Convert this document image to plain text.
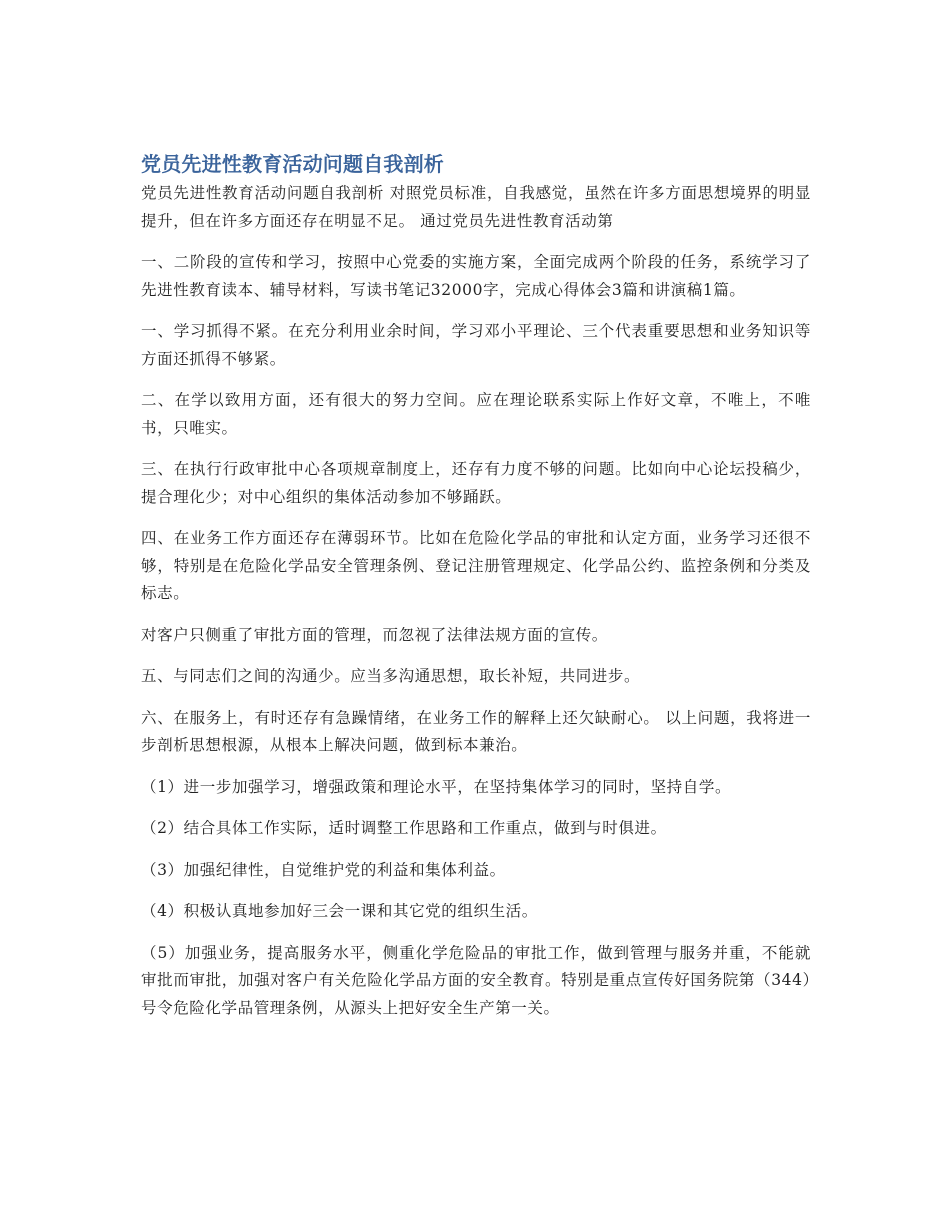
党员先进性教育活动问题自我剖析

党员先进性教育活动问题自我剖析 对照党员标准，自我感觉，虽然在许多方面思想境界的明显提升，但在许多方面还存在明显不足。 通过党员先进性教育活动第

一、二阶段的宣传和学习，按照中心党委的实施方案，全面完成两个阶段的任务，系统学习了先进性教育读本、辅导材料，写读书笔记32000字，完成心得体会3篇和讲演稿1篇。

一、学习抓得不紧。在充分利用业余时间，学习邓小平理论、三个代表重要思想和业务知识等方面还抓得不够紧。

二、在学以致用方面，还有很大的努力空间。应在理论联系实际上作好文章，不唯上，不唯书，只唯实。

三、在执行行政审批中心各项规章制度上，还存有力度不够的问题。比如向中心论坛投稿少，提合理化少；对中心组织的集体活动参加不够踊跃。

四、在业务工作方面还存在薄弱环节。比如在危险化学品的审批和认定方面，业务学习还很不够，特别是在危险化学品安全管理条例、登记注册管理规定、化学品公约、监控条例和分类及标志。

对客户只侧重了审批方面的管理，而忽视了法律法规方面的宣传。

五、与同志们之间的沟通少。应当多沟通思想，取长补短，共同进步。

六、在服务上，有时还存有急躁情绪，在业务工作的解释上还欠缺耐心。 以上问题，我将进一步剖析思想根源，从根本上解决问题，做到标本兼治。

（1）进一步加强学习，增强政策和理论水平，在坚持集体学习的同时，坚持自学。

（2）结合具体工作实际，适时调整工作思路和工作重点，做到与时俱进。

（3）加强纪律性，自觉维护党的利益和集体利益。

（4）积极认真地参加好三会一课和其它党的组织生活。

（5）加强业务，提高服务水平，侧重化学危险品的审批工作，做到管理与服务并重，不能就审批而审批，加强对客户有关危险化学品方面的安全教育。特别是重点宣传好国务院第（344）号令危险化学品管理条例，从源头上把好安全生产第一关。
